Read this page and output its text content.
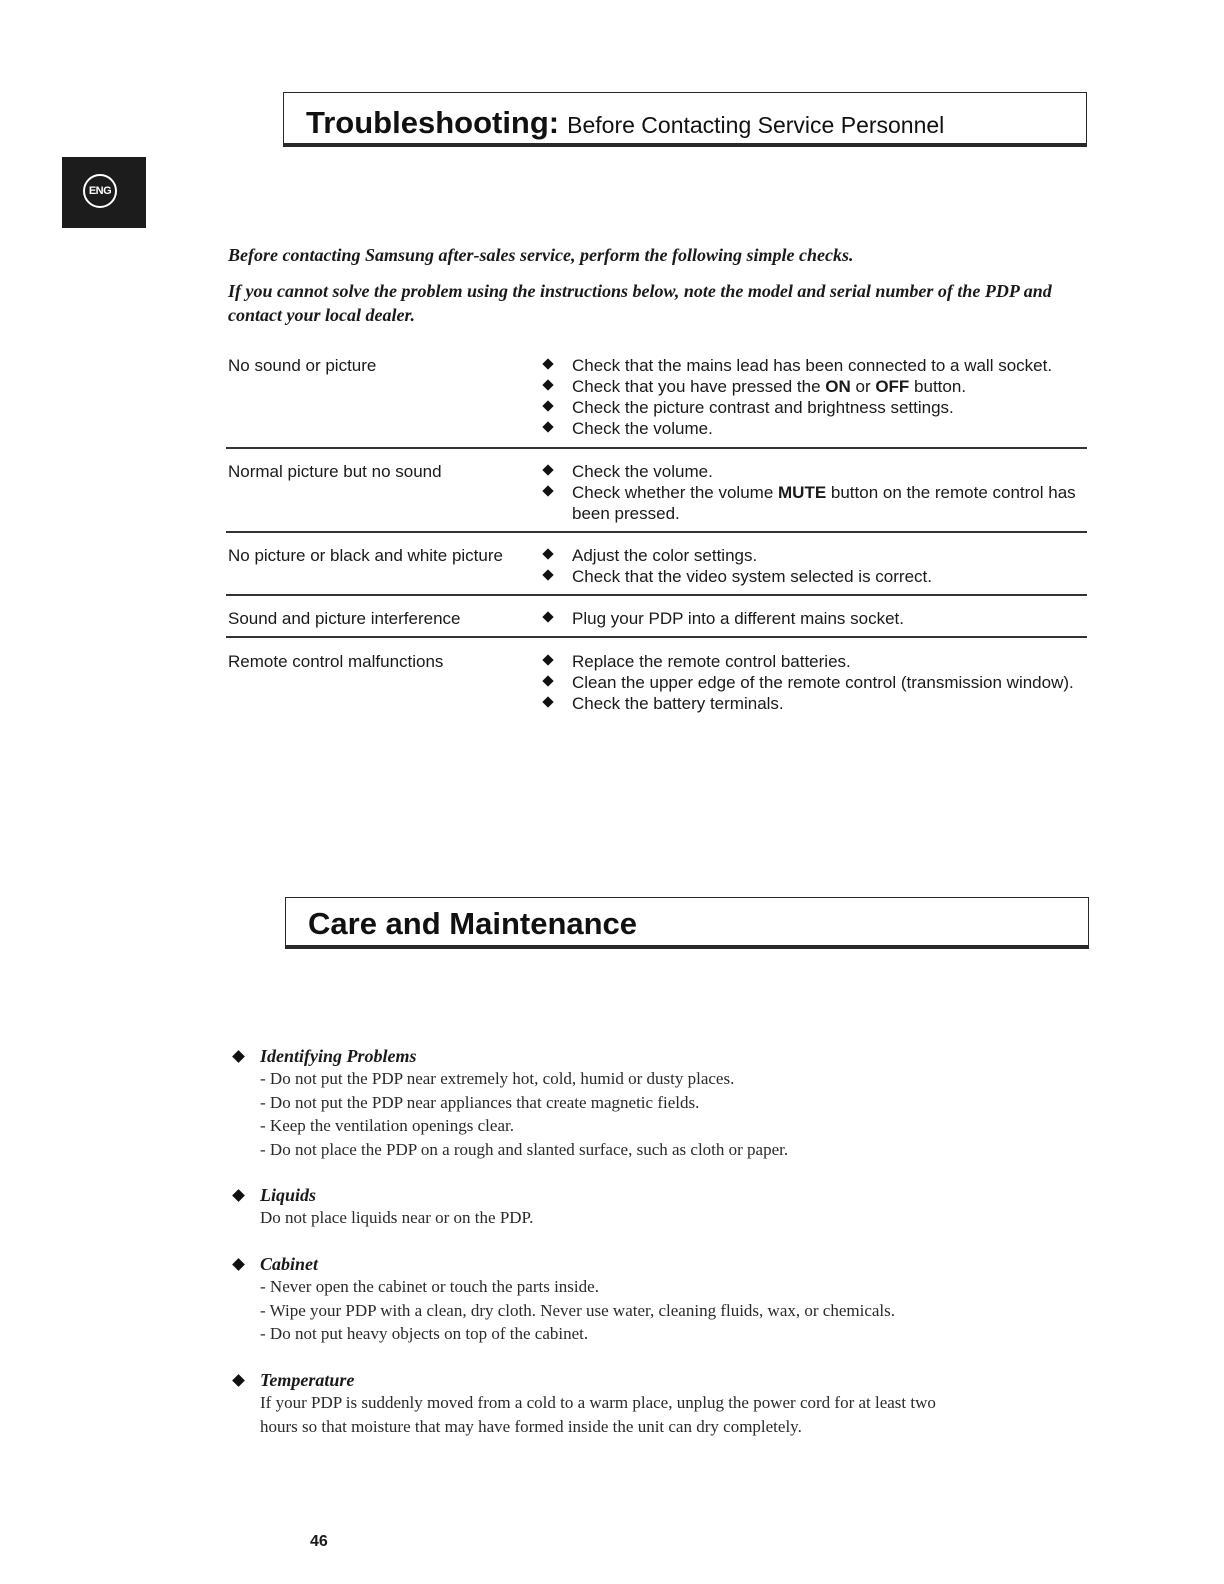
ENG
Troubleshooting: Before Contacting Service Personnel
Before contacting Samsung after-sales service, perform the following simple checks.
If you cannot solve the problem using the instructions below, note the model and serial number of the PDP and contact your local dealer.
No sound or picture	Check that the mains lead has been connected to a wall socket.
Check that you have pressed the ON or OFF button.
Check the picture contrast and brightness settings.
Check the volume.
Normal picture but no sound	Check the volume.
Check whether the volume MUTE button on the remote control has been pressed.
No picture or black and white picture	Adjust the color settings.
Check that the video system selected is correct.
Sound and picture interference	Plug your PDP into a different mains socket.
Remote control malfunctions	Replace the remote control batteries.
Clean the upper edge of the remote control (transmission window).
Check the battery terminals.
Care and Maintenance
Identifying Problems
- Do not put the PDP near extremely hot, cold, humid or dusty places.
- Do not put the PDP near appliances that create magnetic fields.
- Keep the ventilation openings clear.
- Do not place the PDP on a rough and slanted surface, such as cloth or paper.
Liquids
Do not place liquids near or on the PDP.
Cabinet
- Never open the cabinet or touch the parts inside.
- Wipe your PDP with a clean, dry cloth. Never use water, cleaning fluids, wax, or chemicals.
- Do not put heavy objects on top of the cabinet.
Temperature
If your PDP is suddenly moved from a cold to a warm place, unplug the power cord for at least two
hours so that moisture that may have formed inside the unit can dry completely.
46
